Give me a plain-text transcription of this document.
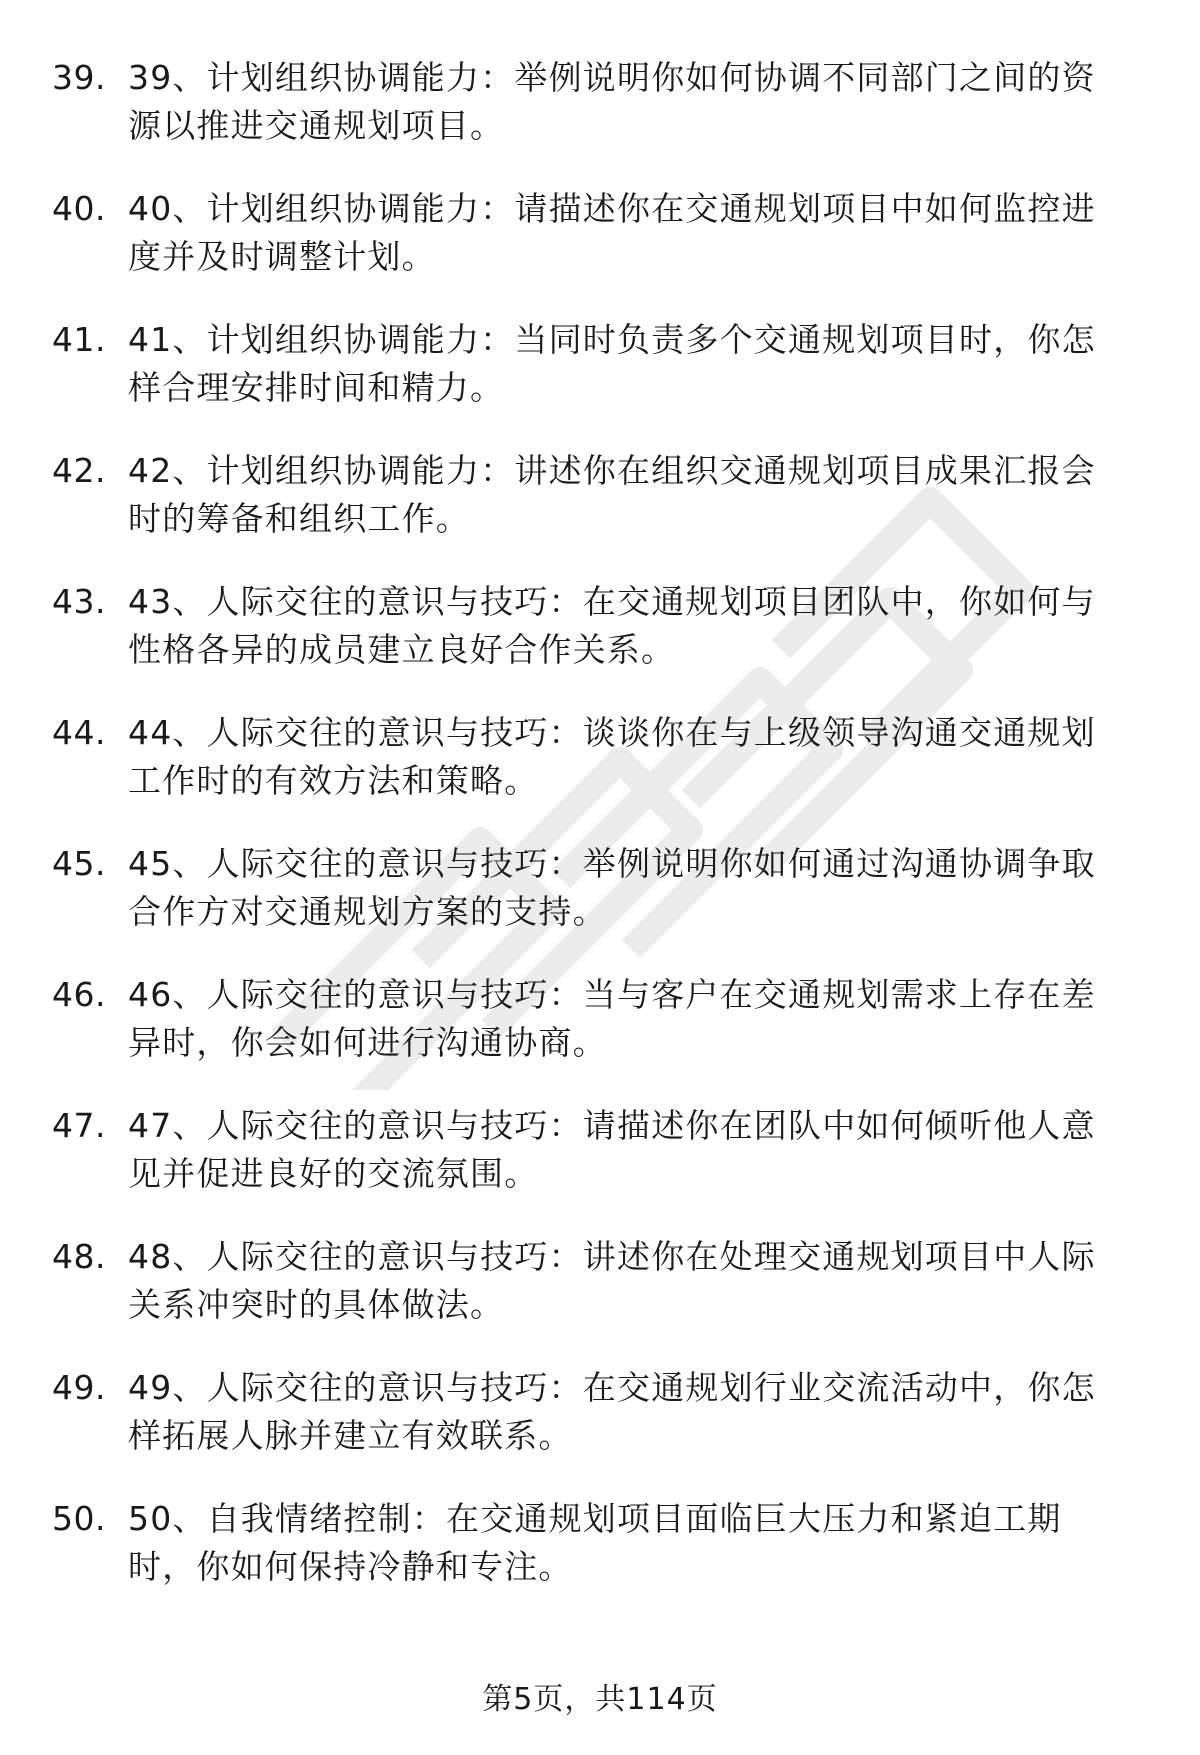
39. 39、计划组织协调能力：举例说明你如何协调不同部门之间的资
源以推进交通规划项目。
40. 40、计划组织协调能力：请描述你在交通规划项目中如何监控进
度并及时调整计划。
41. 41、计划组织协调能力：当同时负责多个交通规划项目时，你怎
样合理安排时间和精力。
42. 42、计划组织协调能力：讲述你在组织交通规划项目成果汇报会
时的筹备和组织工作。
43. 43、人际交往的意识与技巧：在交通规划项目团队中，你如何与
性格各异的成员建立良好合作关系。
44. 44、人际交往的意识与技巧：谈谈你在与上级领导沟通交通规划
工作时的有效方法和策略。
45. 45、人际交往的意识与技巧：举例说明你如何通过沟通协调争取
合作方对交通规划方案的支持。
46. 46、人际交往的意识与技巧：当与客户在交通规划需求上存在差
异时，你会如何进行沟通协商。
47. 47、人际交往的意识与技巧：请描述你在团队中如何倾听他人意
见并促进良好的交流氛围。
48. 48、人际交往的意识与技巧：讲述你在处理交通规划项目中人际
关系冲突时的具体做法。
49. 49、人际交往的意识与技巧：在交通规划行业交流活动中，你怎
样拓展人脉并建立有效联系。
50. 50、自我情绪控制：在交通规划项目面临巨大压力和紧迫工期
时，你如何保持冷静和专注。
第5页，共114页
